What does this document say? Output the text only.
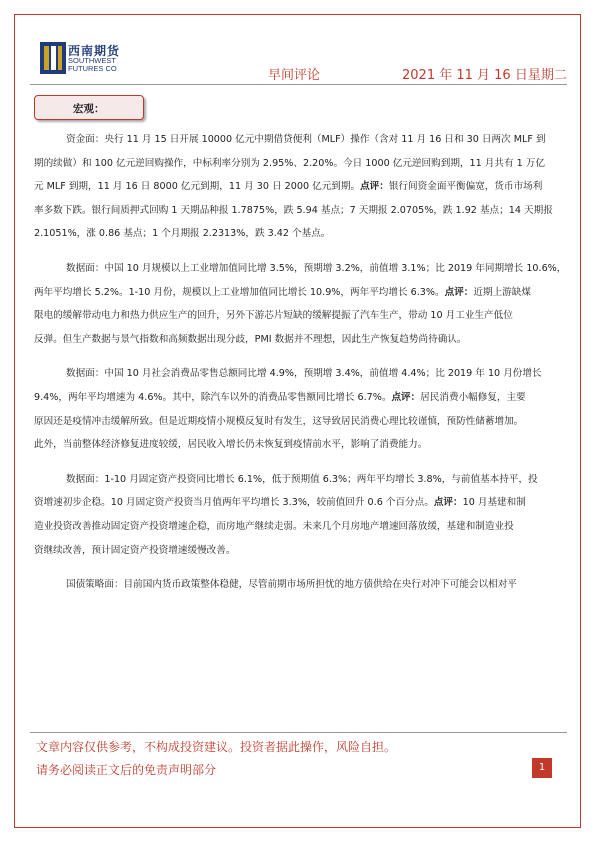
西南期货
SOUTHWEST
FUTURES CO	早间评论	2021 年 11 月 16 日星期二
宏观：

资金面：央行 11 月 15 日开展 10000 亿元中期借贷便利（MLF）操作（含对 11 月 16 日和 30 日两次 MLF 到

期的续做）和 100 亿元逆回购操作，中标利率分别为 2.95%、2.20%。今日 1000 亿元逆回购到期，11 月共有 1 万亿

元 MLF 到期，11 月 16 日 8000 亿元到期，11 月 30 日 2000 亿元到期。点评：银行间资金面平衡偏宽，货币市场利

率多数下跌。银行间质押式回购 1 天期品种报 1.7875%，跌 5.94 基点；7 天期报 2.0705%，跌 1.92 基点；14 天期报

2.1051%，涨 0.86 基点；1 个月期报 2.2313%，跌 3.42 个基点。

数据面：中国 10 月规模以上工业增加值同比增 3.5%，预期增 3.2%，前值增 3.1%；比 2019 年同期增长 10.6%，

两年平均增长 5.2%。1-10 月份，规模以上工业增加值同比增长 10.9%，两年平均增长 6.3%。点评：近期上游缺煤

限电的缓解带动电力和热力供应生产的回升，另外下游芯片短缺的缓解提振了汽车生产，带动 10 月工业生产低位

反弹。但生产数据与景气指数和高频数据出现分歧，PMI 数据并不理想，因此生产恢复趋势尚待确认。

数据面：中国 10 月社会消费品零售总额同比增 4.9%，预期增 3.4%，前值增 4.4%；比 2019 年 10 月份增长

9.4%，两年平均增速为 4.6%。其中，除汽车以外的消费品零售额同比增长 6.7%。点评：居民消费小幅修复，主要

原因还是疫情冲击缓解所致。但是近期疫情小规模反复时有发生，这导致居民消费心理比较谨慎，预防性储蓄增加。

此外，当前整体经济修复进度较缓，居民收入增长仍未恢复到疫情前水平，影响了消费能力。

数据面：1-10 月固定资产投资同比增长 6.1%，低于预期值 6.3%；两年平均增长 3.8%，与前值基本持平，投

资增速初步企稳。10 月固定资产投资当月值两年平均增长 3.3%，较前值回升 0.6 个百分点。点评：10 月基建和制

造业投资改善推动固定资产投资增速企稳，而房地产继续走弱。未来几个月房地产增速回落放缓，基建和制造业投

资继续改善，预计固定资产投资增速缓慢改善。

国债策略面：目前国内货币政策整体稳健，尽管前期市场所担忧的地方债供给在央行对冲下可能会以相对平

文章内容仅供参考，不构成投资建议。投资者据此操作，风险自担。
请务必阅读正文后的免责声明部分	1
